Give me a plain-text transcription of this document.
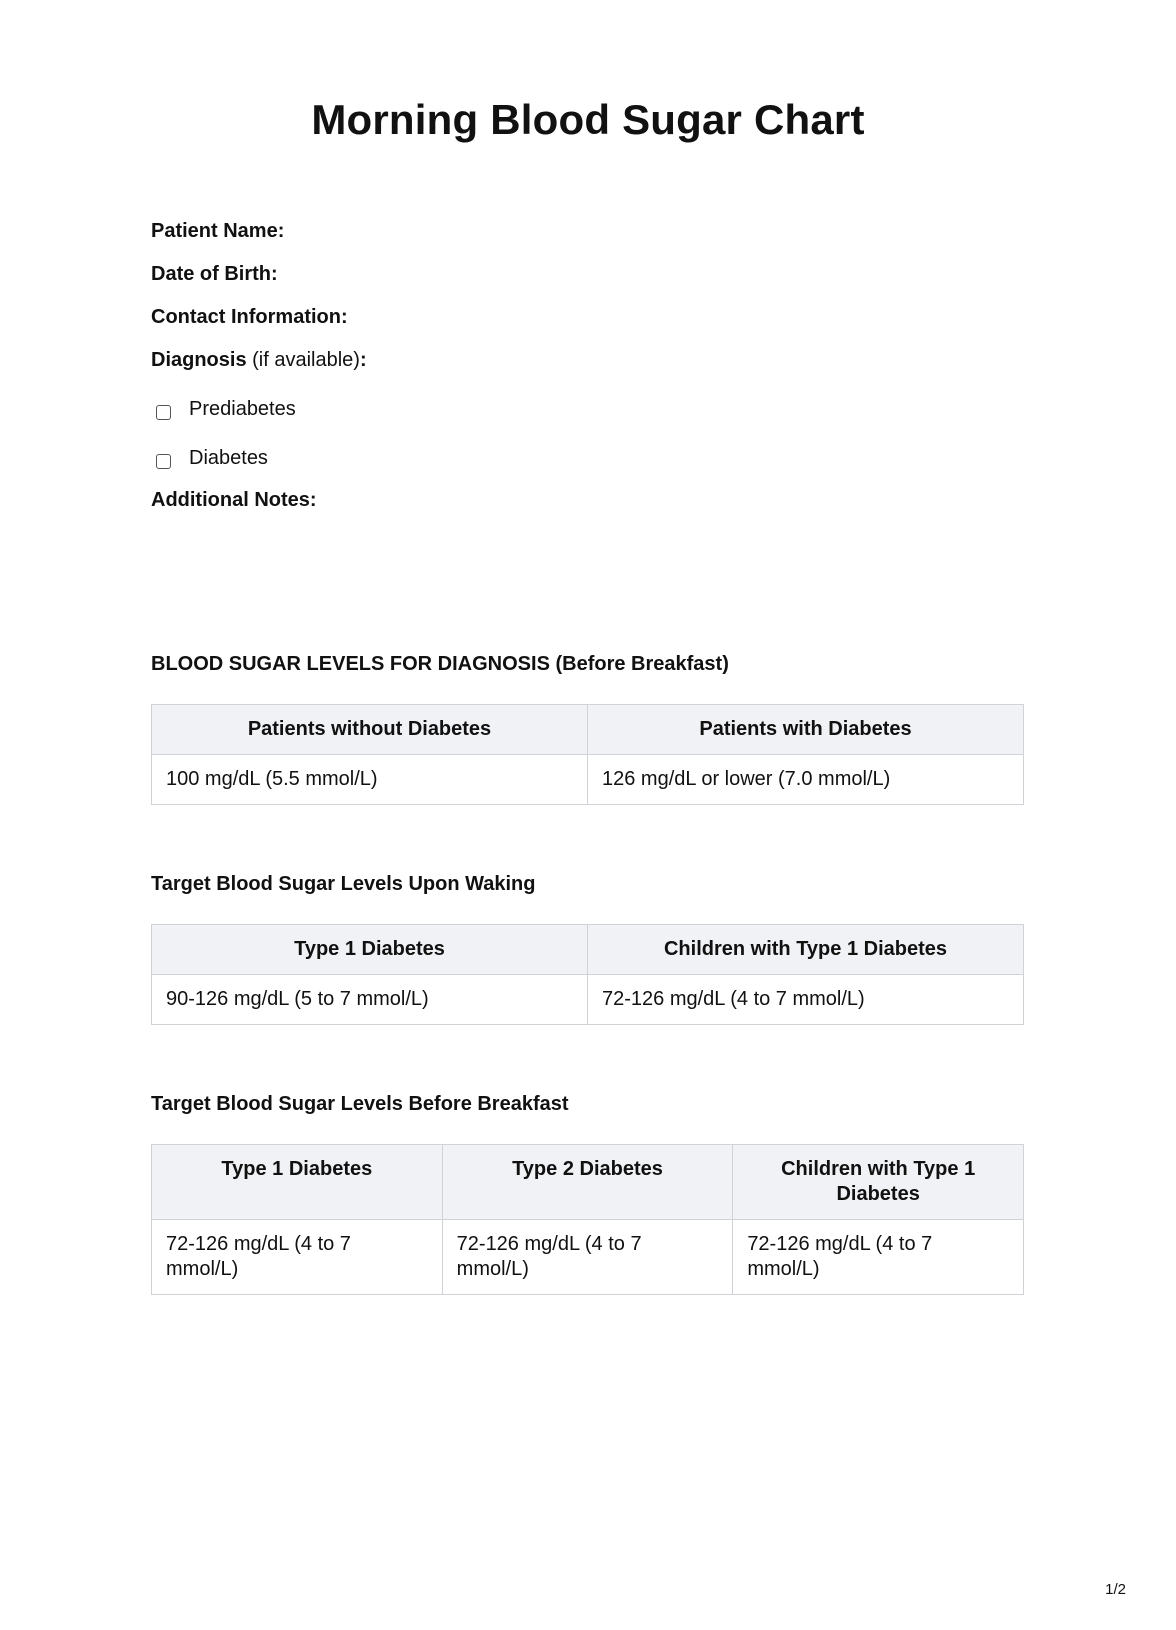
Morning Blood Sugar Chart
Patient Name:
Date of Birth:
Contact Information:
Diagnosis (if available):
Prediabetes
Diabetes
Additional Notes:
BLOOD SUGAR LEVELS FOR DIAGNOSIS (Before Breakfast)
Patients without Diabetes	Patients with Diabetes
100 mg/dL (5.5 mmol/L)	126 mg/dL or lower (7.0 mmol/L)
Target Blood Sugar Levels Upon Waking
Type 1 Diabetes	Children with Type 1 Diabetes
90-126 mg/dL (5 to 7 mmol/L)	72-126 mg/dL (4 to 7 mmol/L)
Target Blood Sugar Levels Before Breakfast
Type 1 Diabetes	Type 2 Diabetes	Children with Type 1 Diabetes
72-126 mg/dL (4 to 7 mmol/L)	72-126 mg/dL (4 to 7 mmol/L)	72-126 mg/dL (4 to 7 mmol/L)
1/2
